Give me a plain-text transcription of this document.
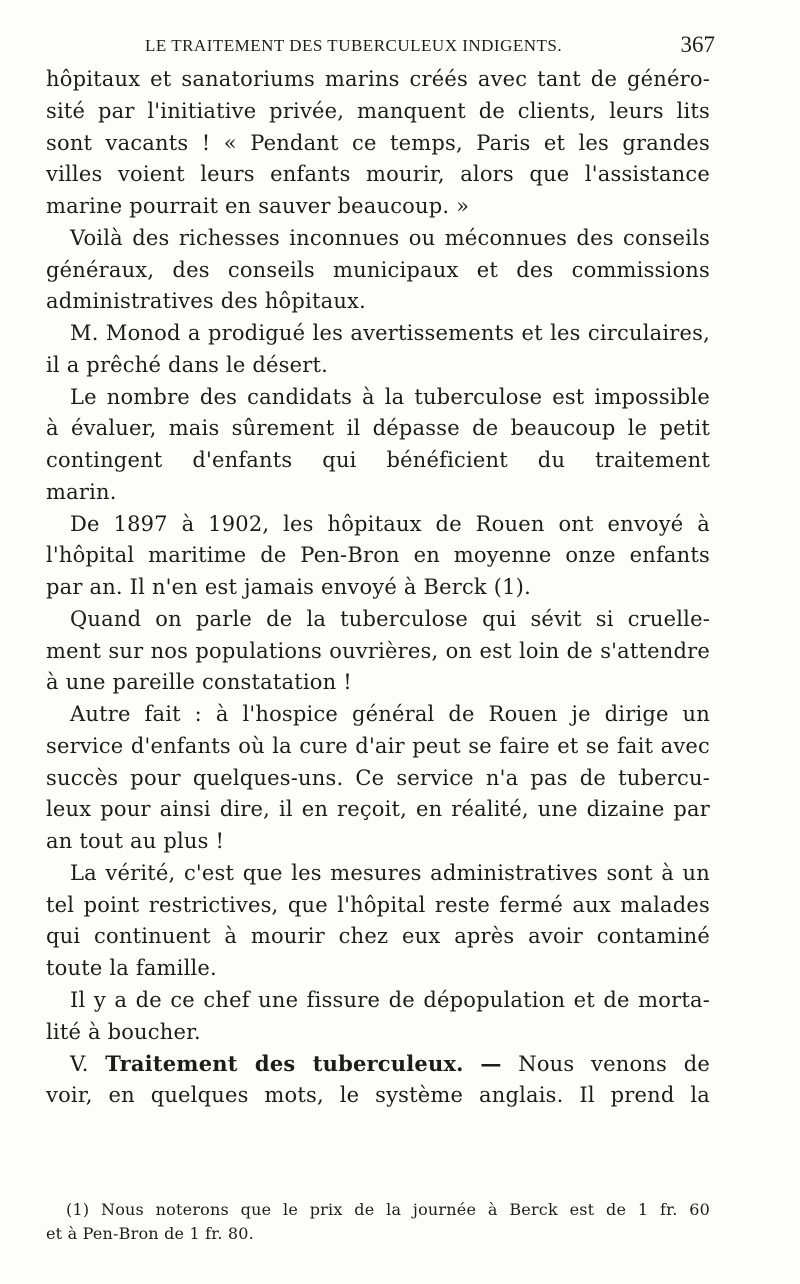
LE TRAITEMENT DES TUBERCULEUX INDIGENTS.	367

hôpitaux et sanatoriums marins créés avec tant de généro-
sité par l'initiative privée, manquent de clients, leurs lits
sont vacants ! « Pendant ce temps, Paris et les grandes
villes voient leurs enfants mourir, alors que l'assistance
marine pourrait en sauver beaucoup. »

Voilà des richesses inconnues ou méconnues des conseils
généraux, des conseils municipaux et des commissions
administratives des hôpitaux.

M. Monod a prodigué les avertissements et les circulaires,
il a prêché dans le désert.

Le nombre des candidats à la tuberculose est impossible
à évaluer, mais sûrement il dépasse de beaucoup le petit
contingent d'enfants qui bénéficient du traitement
marin.

De 1897 à 1902, les hôpitaux de Rouen ont envoyé à
l'hôpital maritime de Pen-Bron en moyenne onze enfants
par an. Il n'en est jamais envoyé à Berck (1).

Quand on parle de la tuberculose qui sévit si cruelle-
ment sur nos populations ouvrières, on est loin de s'attendre
à une pareille constatation !

Autre fait : à l'hospice général de Rouen je dirige un
service d'enfants où la cure d'air peut se faire et se fait avec
succès pour quelques-uns. Ce service n'a pas de tubercu-
leux pour ainsi dire, il en reçoit, en réalité, une dizaine par
an tout au plus !

La vérité, c'est que les mesures administratives sont à un
tel point restrictives, que l'hôpital reste fermé aux malades
qui continuent à mourir chez eux après avoir contaminé
toute la famille.

Il y a de ce chef une fissure de dépopulation et de morta-
lité à boucher.

V. Traitement des tuberculeux. — Nous venons de
voir, en quelques mots, le système anglais. Il prend la

(1) Nous noterons que le prix de la journée à Berck est de 1 fr. 60
et à Pen-Bron de 1 fr. 80.
